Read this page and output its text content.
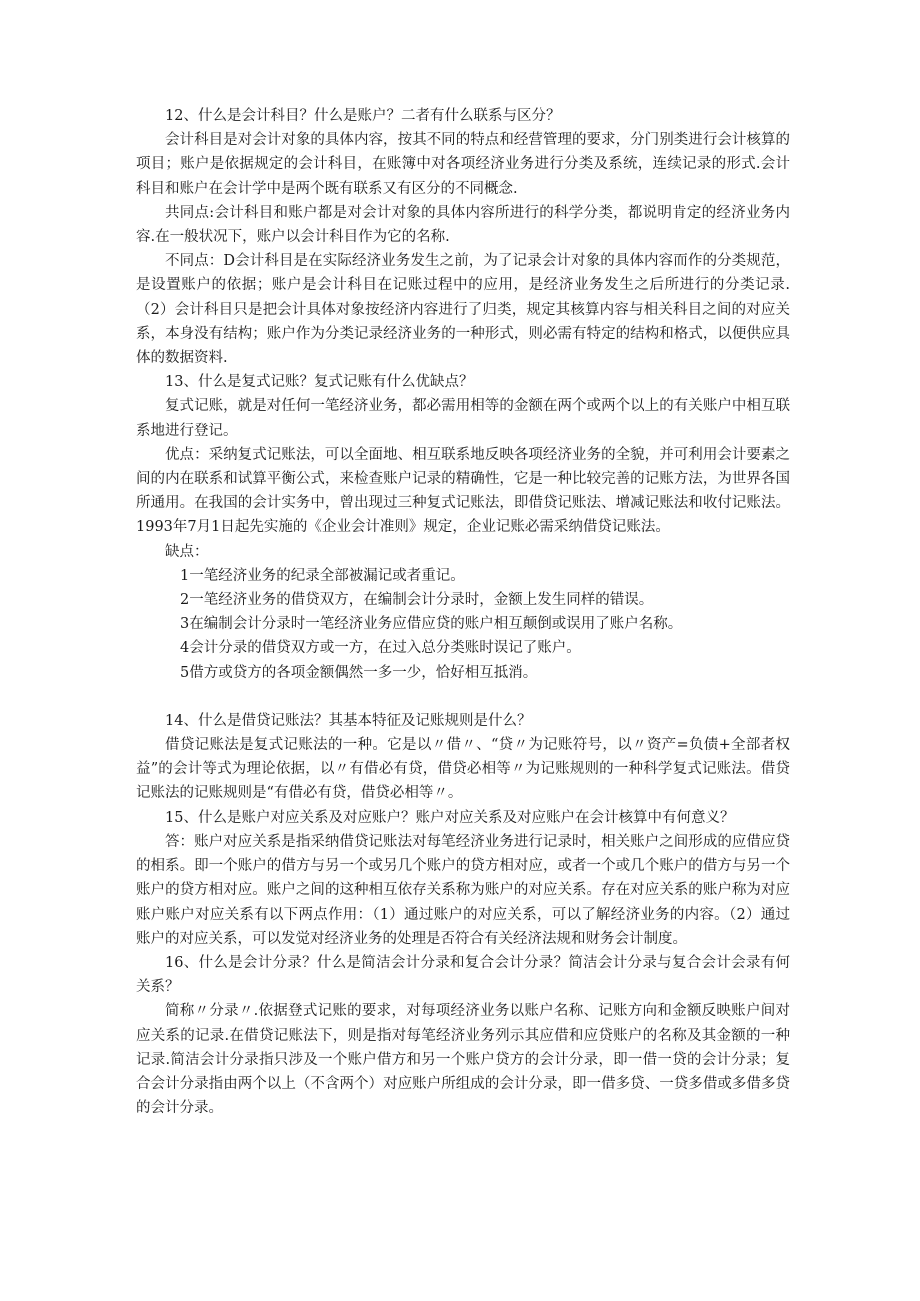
12、什么是会计科目？什么是账户？二者有什么联系与区分？

会计科目是对会计对象的具体内容，按其不同的特点和经营管理的要求，分门别类进行会计核算的项目；账户是依据规定的会计科目，在账簿中对各项经济业务进行分类及系统，连续记录的形式.会计科目和账户在会计学中是两个既有联系又有区分的不同概念.

共同点:会计科目和账户都是对会计对象的具体内容所进行的科学分类，都说明肯定的经济业务内容.在一般状况下，账户以会计科目作为它的名称.

不同点：D会计科目是在实际经济业务发生之前，为了记录会计对象的具体内容而作的分类规范，是设置账户的依据；账户是会计科目在记账过程中的应用，是经济业务发生之后所进行的分类记录.（2）会计科目只是把会计具体对象按经济内容进行了归类，规定其核算内容与相关科目之间的对应关系，本身没有结构；账户作为分类记录经济业务的一种形式，则必需有特定的结构和格式，以便供应具体的数据资料.

13、什么是复式记账？复式记账有什么优缺点？

复式记账，就是对任何一笔经济业务，都必需用相等的金额在两个或两个以上的有关账户中相互联系地进行登记。

优点：采纳复式记账法，可以全面地、相互联系地反映各项经济业务的全貌，并可利用会计要素之间的内在联系和试算平衡公式，来检查账户记录的精确性，它是一种比较完善的记账方法，为世界各国所通用。在我国的会计实务中，曾出现过三种复式记账法，即借贷记账法、增减记账法和收付记账法。1993年7月1日起先实施的《企业会计准则》规定，企业记账必需采纳借贷记账法。

缺点：

1一笔经济业务的纪录全部被漏记或者重记。

2一笔经济业务的借贷双方，在编制会计分录时，金额上发生同样的错误。

3在编制会计分录时一笔经济业务应借应贷的账户相互颠倒或误用了账户名称。

4会计分录的借贷双方或一方，在过入总分类账时误记了账户。

5借方或贷方的各项金额偶然一多一少，恰好相互抵消。

14、什么是借贷记账法？其基本特征及记账规则是什么？

借贷记账法是复式记账法的一种。它是以〃借〃、“贷〃为记账符号，以〃资产=负债+全部者权益”的会计等式为理论依据，以〃有借必有贷，借贷必相等〃为记账规则的一种科学复式记账法。借贷记账法的记账规则是“有借必有贷，借贷必相等〃。

15、什么是账户对应关系及对应账户？账户对应关系及对应账户在会计核算中有何意义？

答：账户对应关系是指采纳借贷记账法对每笔经济业务进行记录时，相关账户之间形成的应借应贷的相系。即一个账户的借方与另一个或另几个账户的贷方相对应，或者一个或几个账户的借方与另一个账户的贷方相对应。账户之间的这种相互依存关系称为账户的对应关系。存在对应关系的账户称为对应账户账户对应关系有以下两点作用：（1）通过账户的对应关系，可以了解经济业务的内容。（2）通过账户的对应关系，可以发觉对经济业务的处理是否符合有关经济法规和财务会计制度。

16、什么是会计分录？什么是简洁会计分录和复合会计分录？简洁会计分录与复合会计会录有何关系？

简称〃分录〃.依据登式记账的要求，对每项经济业务以账户名称、记账方向和金额反映账户间对应关系的记录.在借贷记账法下，则是指对每笔经济业务列示其应借和应贷账户的名称及其金额的一种记录.简洁会计分录指只涉及一个账户借方和另一个账户贷方的会计分录，即一借一贷的会计分录；复合会计分录指由两个以上（不含两个）对应账户所组成的会计分录，即一借多贷、一贷多借或多借多贷的会计分录。
